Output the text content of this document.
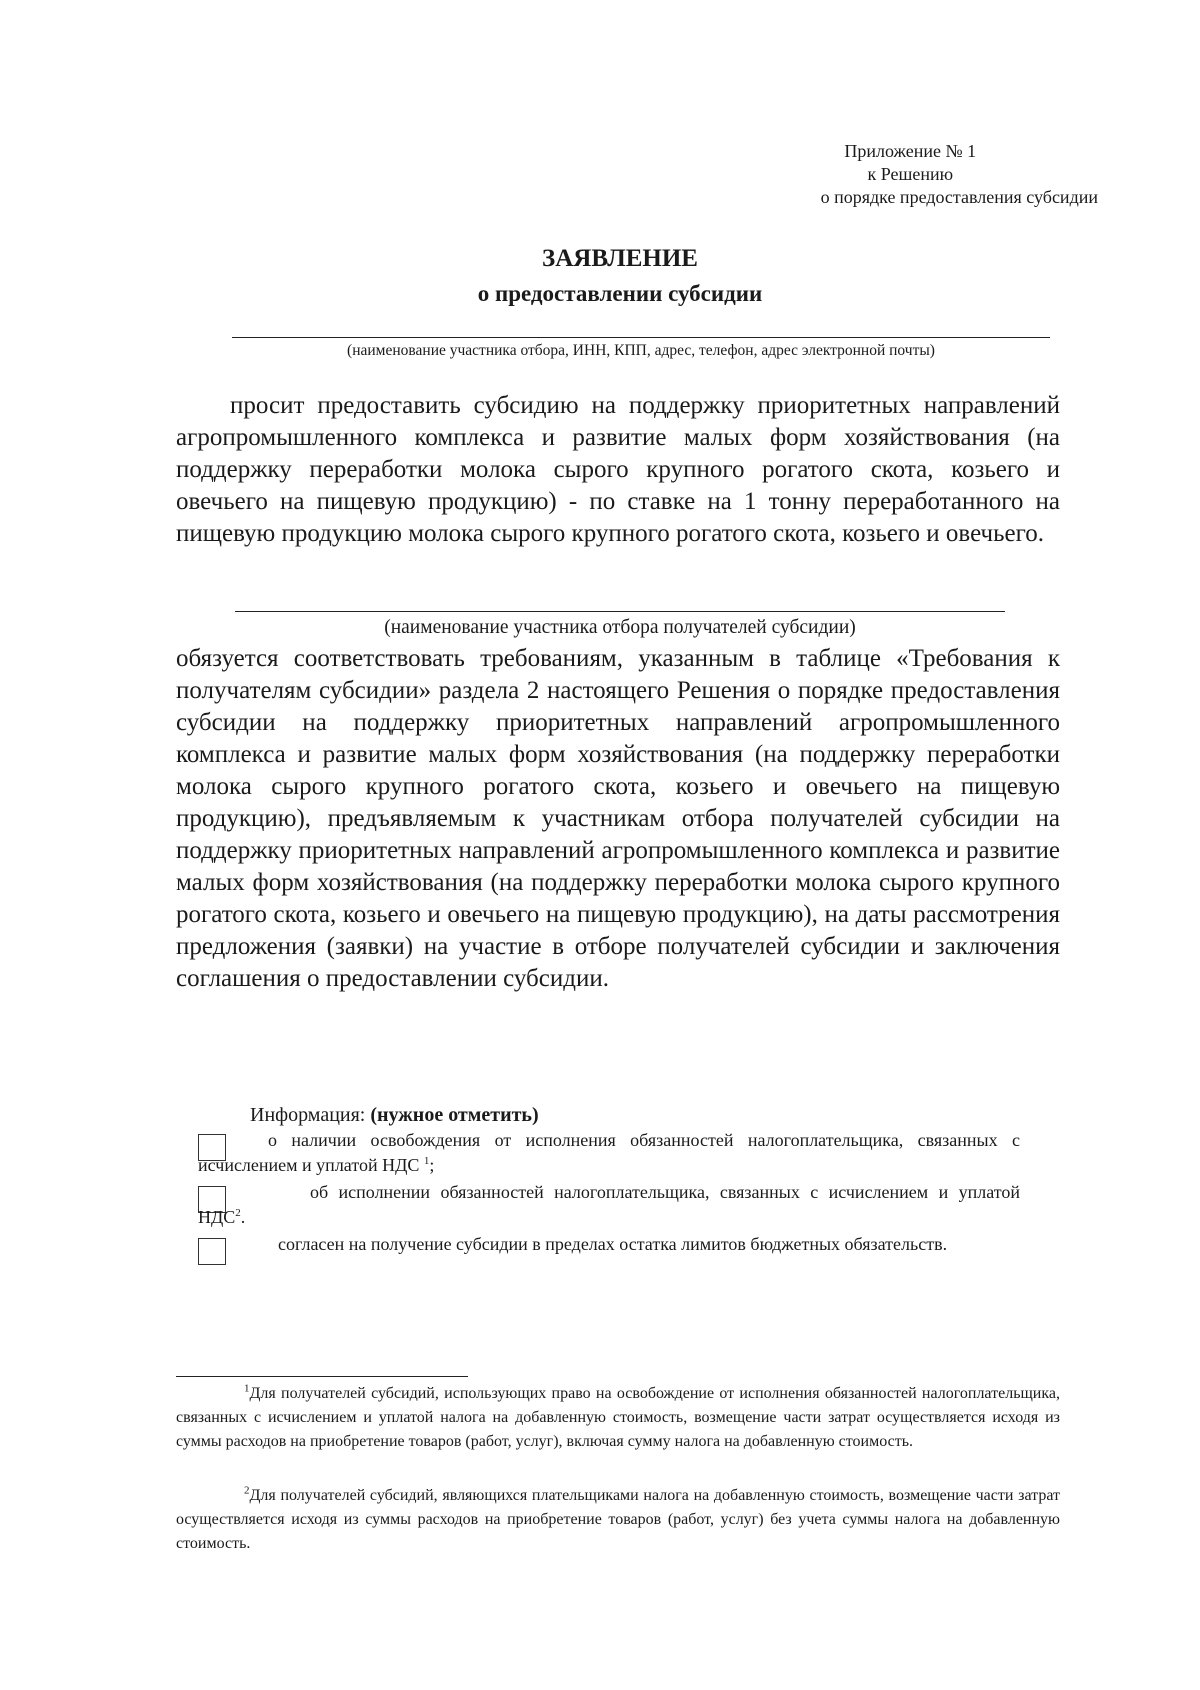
Приложение № 1
к Решению
о порядке предоставления субсидии
ЗАЯВЛЕНИЕ
о предоставлении субсидии
(наименование участника отбора, ИНН, КПП, адрес, телефон, адрес электронной почты)
просит предоставить субсидию на поддержку приоритетных направлений агропромышленного комплекса и развитие малых форм хозяйствования (на поддержку переработки молока сырого крупного рогатого скота, козьего и овечьего на пищевую продукцию) - по ставке на 1 тонну переработанного на пищевую продукцию молока сырого крупного рогатого скота, козьего и овечьего.
(наименование участника отбора получателей субсидии)
обязуется соответствовать требованиям, указанным в таблице «Требования к получателям субсидии» раздела 2 настоящего Решения о порядке предоставления субсидии на поддержку приоритетных направлений агропромышленного комплекса и развитие малых форм хозяйствования (на поддержку переработки молока сырого крупного рогатого скота, козьего и овечьего на пищевую продукцию), предъявляемым к участникам отбора получателей субсидии на поддержку приоритетных направлений агропромышленного комплекса и развитие малых форм хозяйствования (на поддержку переработки молока сырого крупного рогатого скота, козьего и овечьего на пищевую продукцию), на даты рассмотрения предложения (заявки) на участие в отборе получателей субсидии и заключения соглашения о предоставлении субсидии.
Информация: (нужное отметить)
о наличии освобождения от исполнения обязанностей налогоплательщика, связанных с исчислением и уплатой НДС $^1$;
об исполнении обязанностей налогоплательщика, связанных с исчислением и уплатой НДС$^2$.
согласен на получение субсидии в пределах остатка лимитов бюджетных обязательств.
$^1$Для получателей субсидий, использующих право на освобождение от исполнения обязанностей налогоплательщика, связанных с исчислением и уплатой налога на добавленную стоимость, возмещение части затрат осуществляется исходя из суммы расходов на приобретение товаров (работ, услуг), включая сумму налога на добавленную стоимость.
$^2$Для получателей субсидий, являющихся плательщиками налога на добавленную стоимость, возмещение части затрат осуществляется исходя из суммы расходов на приобретение товаров (работ, услуг) без учета суммы налога на добавленную стоимость.
